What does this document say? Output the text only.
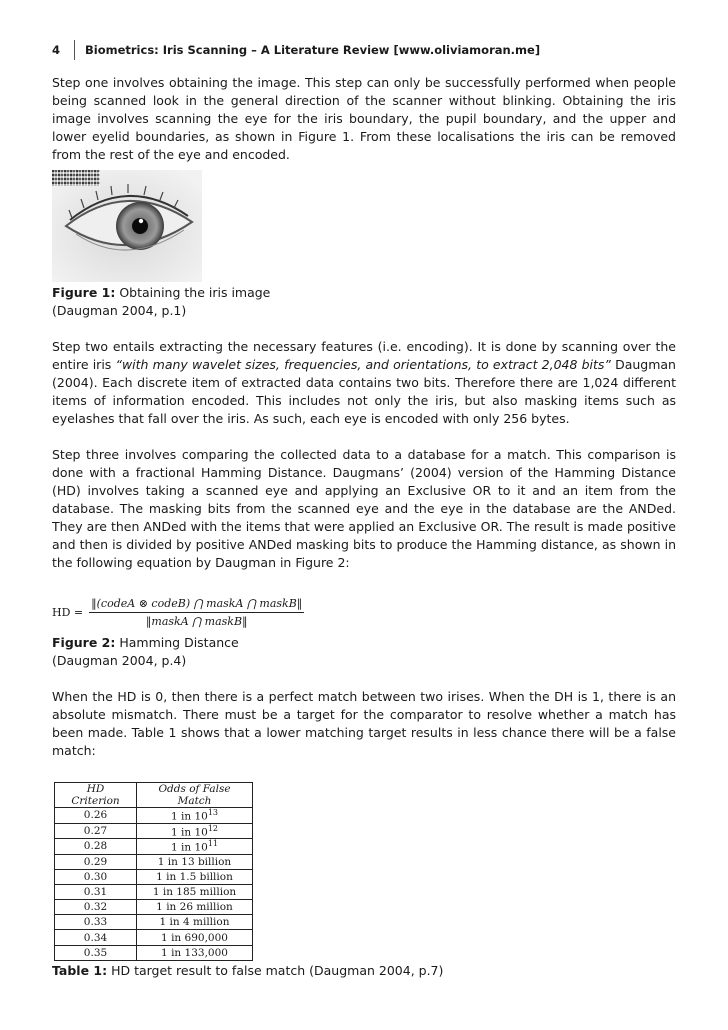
4	Biometrics: Iris Scanning – A Literature Review [www.oliviamoran.me]

Step one involves obtaining the image. This step can only be successfully performed when people being scanned look in the general direction of the scanner without blinking. Obtaining the iris image involves scanning the eye for the iris boundary, the pupil boundary, and the upper and lower eyelid boundaries, as shown in Figure 1. From these localisations the iris can be removed from the rest of the eye and encoded.

Figure 1: Obtaining the iris image
(Daugman 2004, p.1)

Step two entails extracting the necessary features (i.e. encoding). It is done by scanning over the entire iris “with many wavelet sizes, frequencies, and orientations, to extract 2,048 bits” Daugman (2004). Each discrete item of extracted data contains two bits. Therefore there are 1,024 different items of information encoded. This includes not only the iris, but also masking items such as eyelashes that fall over the iris. As such, each eye is encoded with only 256 bytes.

Step three involves comparing the collected data to a database for a match. This comparison is done with a fractional Hamming Distance. Daugmans’ (2004) version of the Hamming Distance (HD) involves taking a scanned eye and applying an Exclusive OR to it and an item from the database. The masking bits from the scanned eye and the eye in the database are the ANDed. They are then ANDed with the items that were applied an Exclusive OR. The result is made positive and then is divided by positive ANDed masking bits to produce the Hamming distance, as shown in the following equation by Daugman in Figure 2:

HD = $\frac{\text{‖(codeA ⊗ codeB) ⋂ maskA ⋂ maskB‖}}{\text{‖maskA ⋂ maskB‖}}$
Figure 2: Hamming Distance
(Daugman 2004, p.4)

When the HD is 0, then there is a perfect match between two irises. When the DH is 1, there is an absolute mismatch. There must be a target for the comparator to resolve whether a match has been made. Table 1 shows that a lower matching target results in less chance there will be a false match:

HD Criterion	Odds of False Match
0.26	1 in $10^{13}$
0.27	1 in $10^{12}$
0.28	1 in $10^{11}$
0.29	1 in 13 billion
0.30	1 in 1.5 billion
0.31	1 in 185 million
0.32	1 in 26 million
0.33	1 in 4 million
0.34	1 in 690,000
0.35	1 in 133,000
Table 1: HD target result to false match (Daugman 2004, p.7)
